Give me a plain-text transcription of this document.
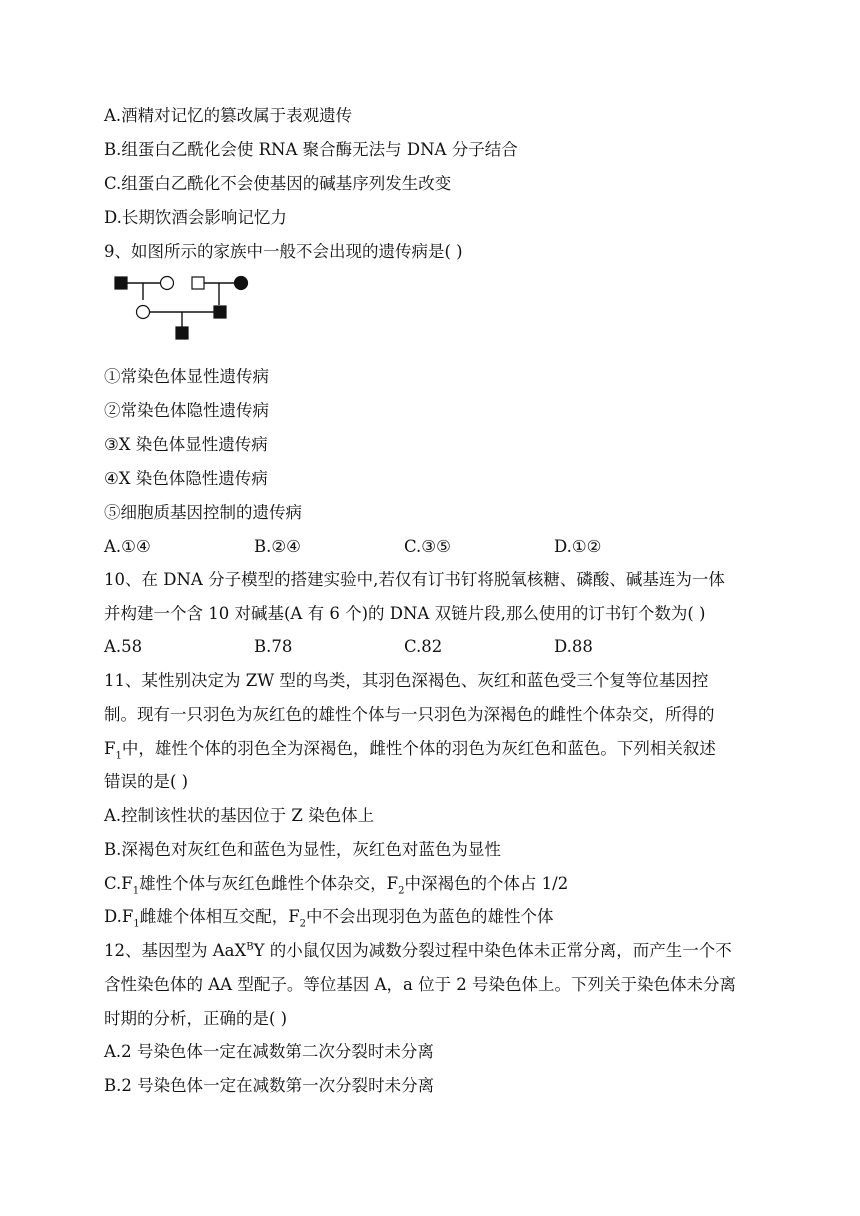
A.酒精对记忆的篡改属于表观遗传
B.组蛋白乙酰化会使 RNA 聚合酶无法与 DNA 分子结合
C.组蛋白乙酰化不会使基因的碱基序列发生改变
D.长期饮酒会影响记忆力
9、如图所示的家族中一般不会出现的遗传病是( )
①常染色体显性遗传病
②常染色体隐性遗传病
③X 染色体显性遗传病
④X 染色体隐性遗传病
⑤细胞质基因控制的遗传病
A.①④	B.②④	C.③⑤	D.①②
10、在 DNA 分子模型的搭建实验中,若仅有订书钉将脱氧核糖、磷酸、碱基连为一体
并构建一个含 10 对碱基(A 有 6 个)的 DNA 双链片段,那么使用的订书钉个数为( )
A.58	B.78	C.82	D.88
11、某性别决定为 ZW 型的鸟类，其羽色深褐色、灰红和蓝色受三个复等位基因控
制。现有一只羽色为灰红色的雄性个体与一只羽色为深褐色的雌性个体杂交，所得的
$F_1$中，雄性个体的羽色全为深褐色，雌性个体的羽色为灰红色和蓝色。下列相关叙述
错误的是( )
A.控制该性状的基因位于 Z 染色体上
B.深褐色对灰红色和蓝色为显性，灰红色对蓝色为显性
$C.F_1$雄性个体与灰红色雌性个体杂交，$F_2$中深褐色的个体占 1/2
$D.F_1$雌雄个体相互交配，$F_2$中不会出现羽色为蓝色的雄性个体
12、基因型为 AaX$^B$Y 的小鼠仅因为减数分裂过程中染色体未正常分离，而产生一个不
含性染色体的 AA 型配子。等位基因 A，a 位于 2 号染色体上。下列关于染色体未分离
时期的分析，正确的是( )
A.2 号染色体一定在减数第二次分裂时未分离
B.2 号染色体一定在减数第一次分裂时未分离
